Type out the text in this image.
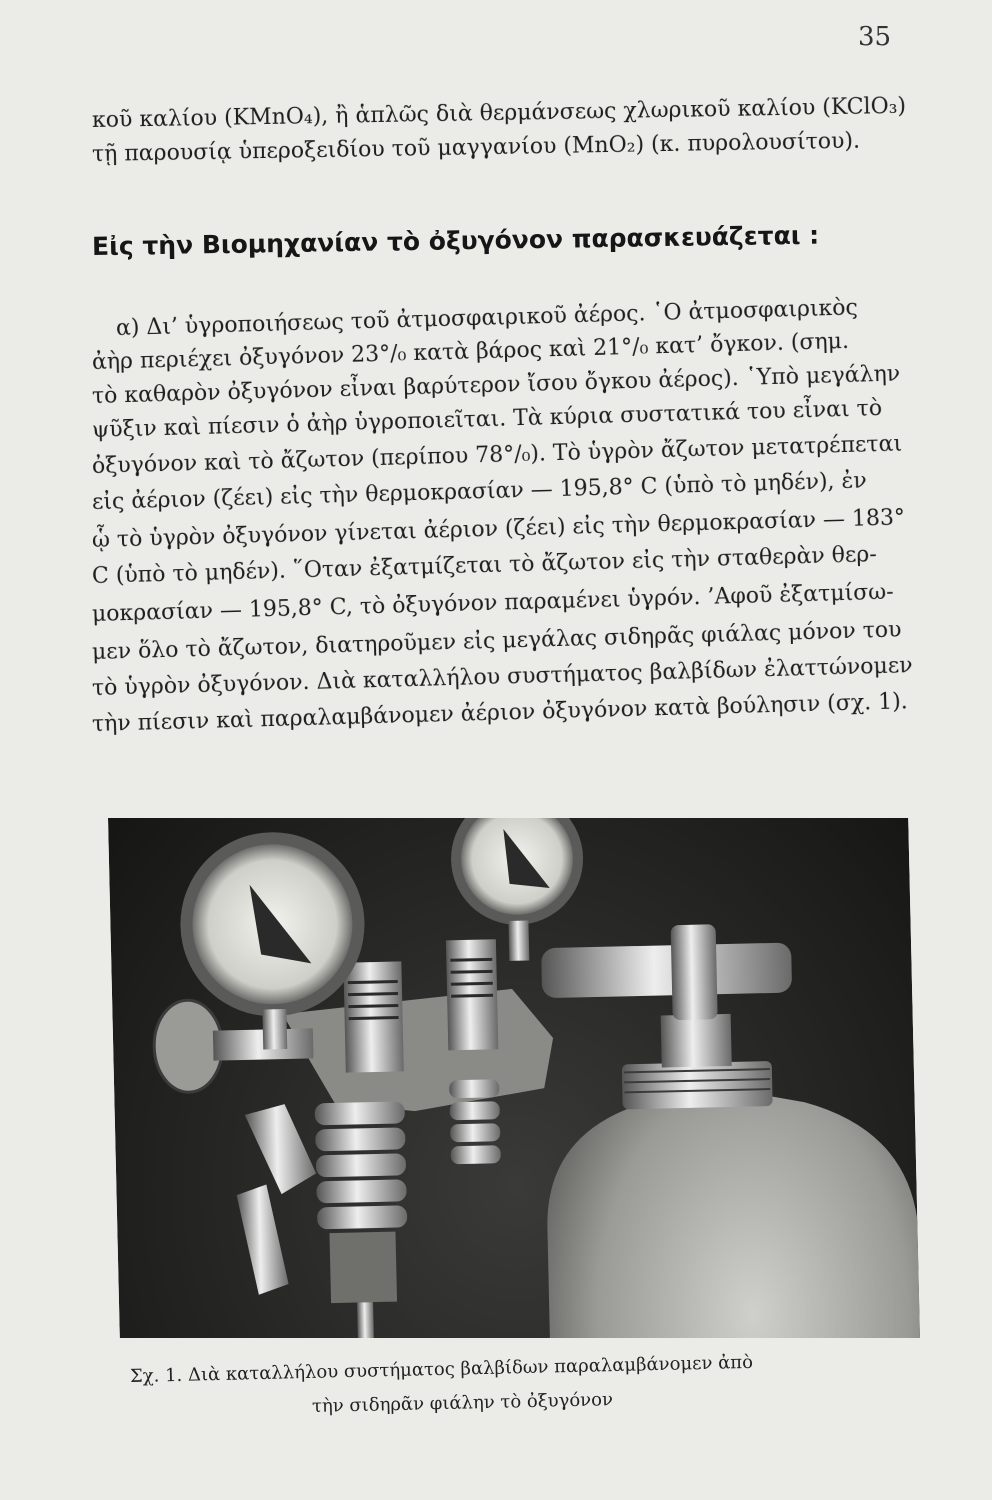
35
κοῦ καλίου (KMnO₄), ἢ ἁπλῶς διὰ θερμάνσεως χλωρικοῦ καλίου (KClO₃)
τῇ παρουσίᾳ ὑπεροξειδίου τοῦ μαγγανίου (MnO₂) (κ. πυρολουσίτου).
Εἰς τὴν Βιομηχανίαν τὸ ὀξυγόνον παρασκευάζεται :
α) Δι’ ὑγροποιήσεως τοῦ ἀτμοσφαιρικοῦ ἀέρος. ῾Ο ἀτμοσφαιρικὸς
ἀὴρ περιέχει ὀξυγόνον 23°/₀ κατὰ βάρος καὶ 21°/₀ κατ’ ὄγκον. (σημ.
τὸ καθαρὸν ὀξυγόνον εἶναι βαρύτερον ἴσου ὄγκου ἀέρος). ῾Υπὸ μεγάλην
ψῦξιν καὶ πίεσιν ὁ ἀὴρ ὑγροποιεῖται. Τὰ κύρια συστατικά του εἶναι τὸ
ὀξυγόνον καὶ τὸ ἄζωτον (περίπου 78°/₀). Τὸ ὑγρὸν ἄζωτον μετατρέπεται
εἰς ἀέριον (ζέει) εἰς τὴν θερμοκρασίαν — 195,8° C (ὑπὸ τὸ μηδέν), ἐν
ᾧ τὸ ὑγρὸν ὀξυγόνον γίνεται ἀέριον (ζέει) εἰς τὴν θερμοκρασίαν — 183°
C (ὑπὸ τὸ μηδέν). ῞Οταν ἐξατμίζεται τὸ ἄζωτον εἰς τὴν σταθερὰν θερ-
μοκρασίαν — 195,8° C, τὸ ὀξυγόνον παραμένει ὑγρόν. ’Αφοῦ ἐξατμίσω-
μεν ὅλο τὸ ἄζωτον, διατηροῦμεν εἰς μεγάλας σιδηρᾶς φιάλας μόνον του
τὸ ὑγρὸν ὀξυγόνον. Διὰ καταλλήλου συστήματος βαλβίδων ἐλαττώνομεν
τὴν πίεσιν καὶ παραλαμβάνομεν ἀέριον ὀξυγόνον κατὰ βούλησιν (σχ. 1).
Σχ. 1. Διὰ καταλλήλου συστήματος βαλβίδων παραλαμβάνομεν ἀπὸ
τὴν σιδηρᾶν φιάλην τὸ ὀξυγόνον
